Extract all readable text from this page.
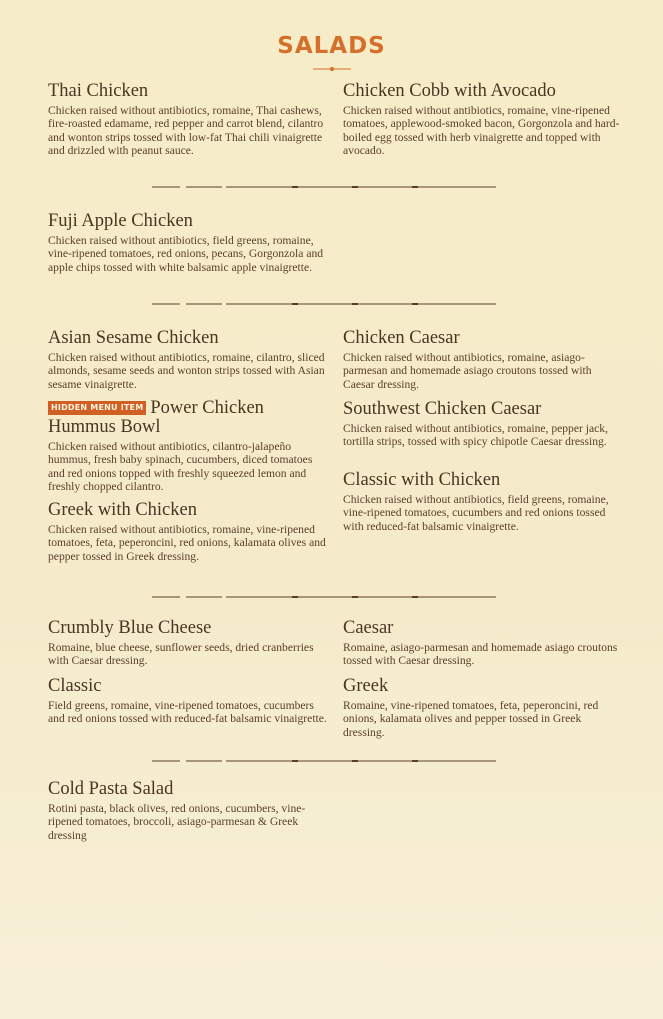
SALADS
Thai Chicken

Chicken raised without antibiotics, romaine, Thai cashews, fire-roasted edamame, red pepper and carrot blend, cilantro and wonton strips tossed with low-fat Thai chili vinaigrette and drizzled with peanut sauce.

Chicken Cobb with Avocado

Chicken raised without antibiotics, romaine, vine-ripened tomatoes, applewood-smoked bacon, Gorgonzola and hard-boiled egg tossed with herb vinaigrette and topped with avocado.

Fuji Apple Chicken

Chicken raised without antibiotics, field greens, romaine, vine-ripened tomatoes, red onions, pecans, Gorgonzola and apple chips tossed with white balsamic apple vinaigrette.

Asian Sesame Chicken

Chicken raised without antibiotics, romaine, cilantro, sliced almonds, sesame seeds and wonton strips tossed with Asian sesame vinaigrette.

HIDDEN MENU ITEM Power Chicken
Hummus Bowl

Chicken raised without antibiotics, cilantro-jalapeño hummus, fresh baby spinach, cucumbers, diced tomatoes and red onions topped with freshly squeezed lemon and freshly chopped cilantro.

Greek with Chicken

Chicken raised without antibiotics, romaine, vine-ripened tomatoes, feta, peperoncini, red onions, kalamata olives and pepper tossed in Greek dressing.

Chicken Caesar

Chicken raised without antibiotics, romaine, asiago-parmesan and homemade asiago croutons tossed with Caesar dressing.

Southwest Chicken Caesar

Chicken raised without antibiotics, romaine, pepper jack, tortilla strips, tossed with spicy chipotle Caesar dressing.

Classic with Chicken

Chicken raised without antibiotics, field greens, romaine, vine-ripened tomatoes, cucumbers and red onions tossed with reduced-fat balsamic vinaigrette.

Crumbly Blue Cheese

Romaine, blue cheese, sunflower seeds, dried cranberries with Caesar dressing.

Classic

Field greens, romaine, vine-ripened tomatoes, cucumbers and red onions tossed with reduced-fat balsamic vinaigrette.

Caesar

Romaine, asiago-parmesan and homemade asiago croutons tossed with Caesar dressing.

Greek

Romaine, vine-ripened tomatoes, feta, peperoncini, red onions, kalamata olives and pepper tossed in Greek dressing.

Cold Pasta Salad

Rotini pasta, black olives, red onions, cucumbers, vine-ripened tomatoes, broccoli, asiago-parmesan & Greek dressing
